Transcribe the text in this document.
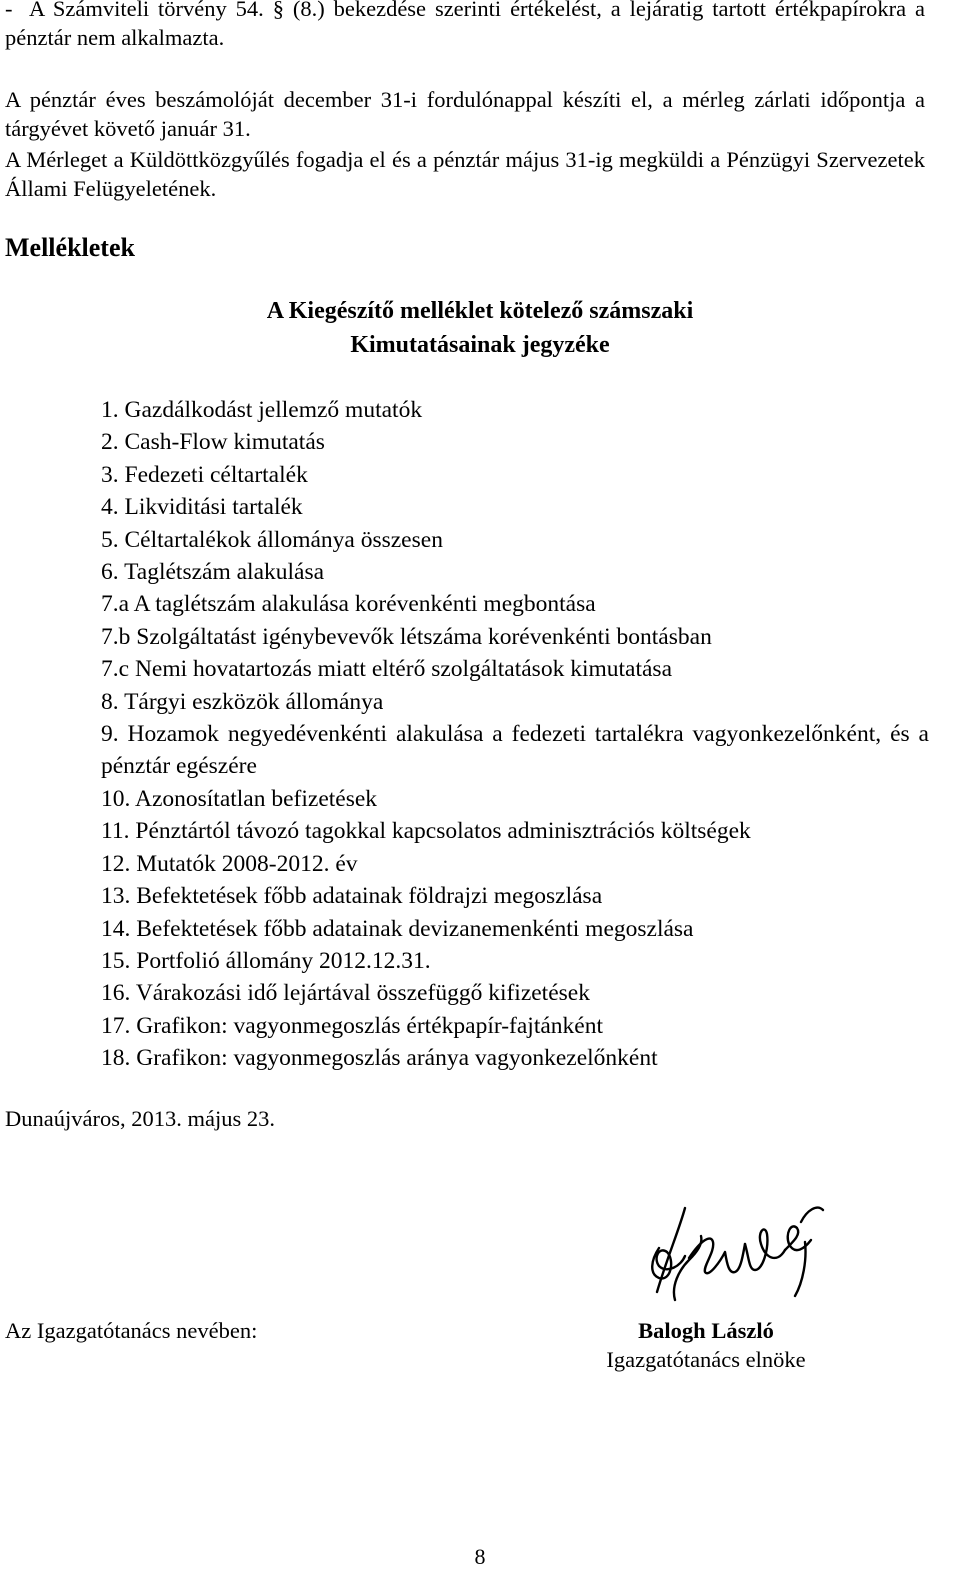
- A Számviteli törvény 54. § (8.) bekezdése szerinti értékelést, a lejáratig tartott értékpapírokra a pénztár nem alkalmazta.
A pénztár éves beszámolóját december 31-i fordulónappal készíti el, a mérleg zárlati időpontja a tárgyévet követő január 31.
A Mérleget a Küldöttközgyűlés fogadja el és a pénztár május 31-ig megküldi a Pénzügyi Szervezetek Állami Felügyeletének.
Mellékletek
A Kiegészítő melléklet kötelező számszaki
Kimutatásainak jegyzéke
1. Gazdálkodást jellemző mutatók
2. Cash-Flow kimutatás
3. Fedezeti céltartalék
4. Likviditási tartalék
5. Céltartalékok állománya összesen
6. Taglétszám alakulása
7.a A taglétszám alakulása korévenkénti megbontása
7.b Szolgáltatást igénybevevők létszáma korévenkénti bontásban
7.c Nemi hovatartozás miatt eltérő szolgáltatások kimutatása
8. Tárgyi eszközök állománya
9. Hozamok negyedévenkénti alakulása a fedezeti tartalékra vagyonkezelőnként, és a pénztár egészére
10. Azonosítatlan befizetések
11. Pénztártól távozó tagokkal kapcsolatos adminisztrációs költségek
12. Mutatók 2008-2012. év
13. Befektetések főbb adatainak földrajzi megoszlása
14. Befektetések főbb adatainak devizanemenkénti megoszlása
15. Portfolió állomány 2012.12.31.
16. Várakozási idő lejártával összefüggő kifizetések
17. Grafikon: vagyonmegoszlás értékpapír-fajtánként
18. Grafikon: vagyonmegoszlás aránya vagyonkezelőnként
Dunaújváros, 2013. május 23.
Az Igazgatótanács nevében:	Balogh László
Igazgatótanács elnöke
8
